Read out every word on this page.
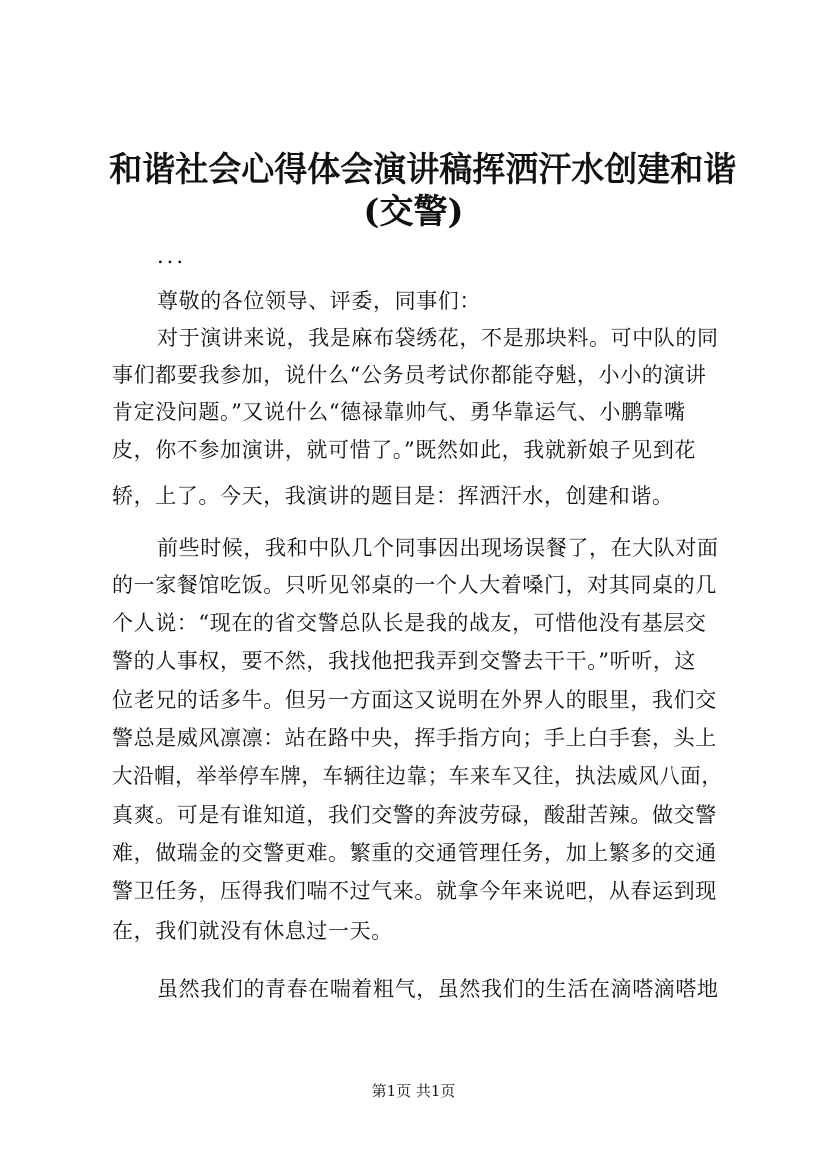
和谐社会心得体会演讲稿挥洒汗水创建和谐
(交警)
...
尊敬的各位领导、评委，同事们：
对于演讲来说，我是麻布袋绣花，不是那块料。可中队的同
事们都要我参加，说什么“公务员考试你都能夺魁，小小的演讲
肯定没问题。”又说什么“德禄靠帅气、勇华靠运气、小鹏靠嘴
皮，你不参加演讲，就可惜了。”既然如此，我就新娘子见到花
轿，上了。今天，我演讲的题目是：挥洒汗水，创建和谐。
前些时候，我和中队几个同事因出现场误餐了，在大队对面
的一家餐馆吃饭。只听见邻桌的一个人大着嗓门，对其同桌的几
个人说：“现在的省交警总队长是我的战友，可惜他没有基层交
警的人事权，要不然，我找他把我弄到交警去干干。”听听，这
位老兄的话多牛。但另一方面这又说明在外界人的眼里，我们交
警总是威风凛凛：站在路中央，挥手指方向；手上白手套，头上
大沿帽，举举停车牌，车辆往边靠；车来车又往，执法威风八面，
真爽。可是有谁知道，我们交警的奔波劳碌，酸甜苦辣。做交警
难，做瑞金的交警更难。繁重的交通管理任务，加上繁多的交通
警卫任务，压得我们喘不过气来。就拿今年来说吧，从春运到现
在，我们就没有休息过一天。
虽然我们的青春在喘着粗气，虽然我们的生活在滴嗒滴嗒地
第1页 共1页
